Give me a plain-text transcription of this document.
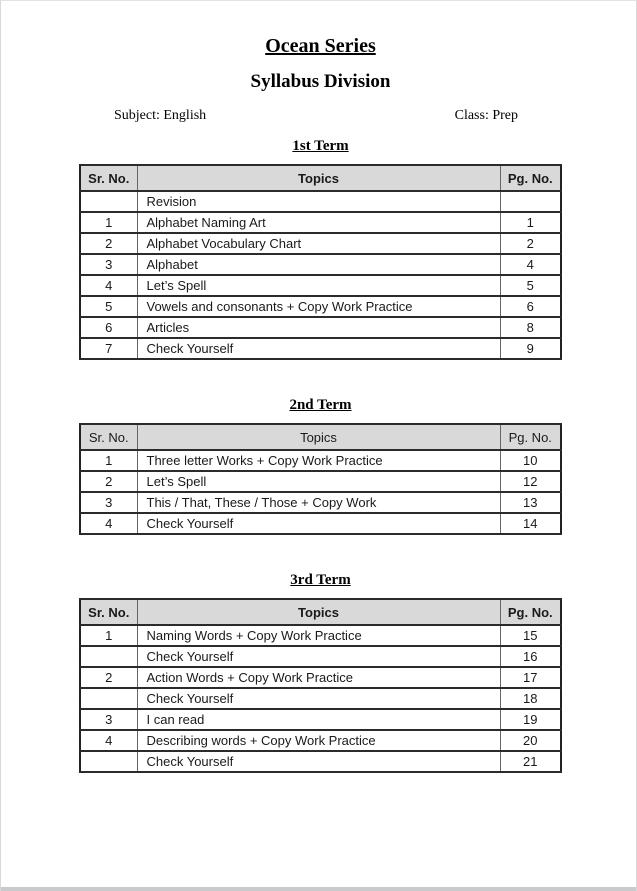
Ocean Series
Syllabus Division
Subject: English	Class: Prep
1st Term
Sr. No.	Topics	Pg. No.
	Revision	
1	Alphabet Naming Art	1
2	Alphabet Vocabulary Chart	2
3	Alphabet	4
4	Let’s Spell	5
5	Vowels and consonants + Copy Work Practice	6
6	Articles	8
7	Check Yourself	9
2nd Term
Sr. No.	Topics	Pg. No.
1	Three letter Works + Copy Work Practice	10
2	Let’s Spell	12
3	This / That, These / Those + Copy Work	13
4	Check Yourself	14
3rd Term
Sr. No.	Topics	Pg. No.
1	Naming Words + Copy Work Practice	15
	Check Yourself	16
2	Action Words + Copy Work Practice	17
	Check Yourself	18
3	I can read	19
4	Describing words + Copy Work Practice	20
	Check Yourself	21
